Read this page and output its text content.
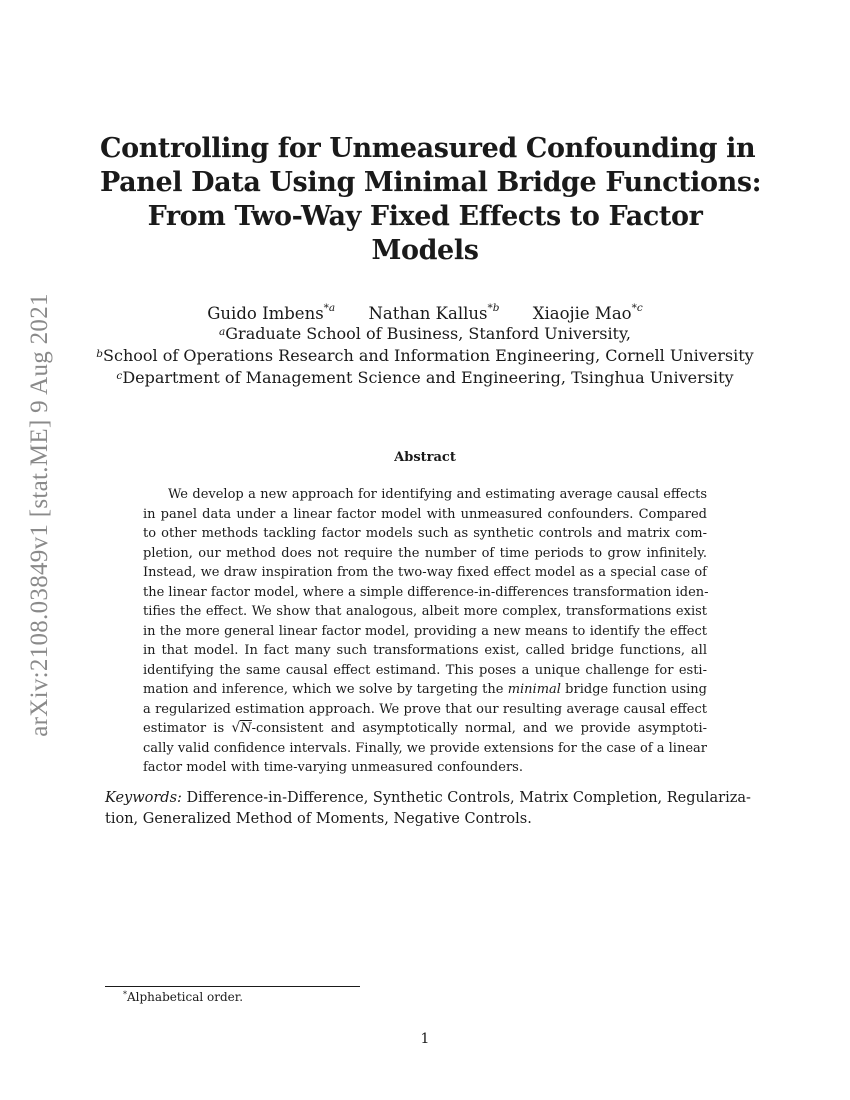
arXiv:2108.03849v1 [stat.ME] 9 Aug 2021
Controlling for Unmeasured Confounding in
Panel Data Using Minimal Bridge Functions:
From Two-Way Fixed Effects to Factor
Models
Guido Imbens$^{*a}$ Nathan Kallus$^{*b}$ Xiaojie Mao$^{*c}$
$^a$Graduate School of Business, Stanford University,
$^b$School of Operations Research and Information Engineering, Cornell University
$^c$Department of Management Science and Engineering, Tsinghua University
Abstract
We develop a new approach for identifying and estimating average causal effects
in panel data under a linear factor model with unmeasured confounders. Compared
to other methods tackling factor models such as synthetic controls and matrix com-
pletion, our method does not require the number of time periods to grow infinitely.
Instead, we draw inspiration from the two-way fixed effect model as a special case of
the linear factor model, where a simple difference-in-differences transformation iden-
tifies the effect. We show that analogous, albeit more complex, transformations exist
in the more general linear factor model, providing a new means to identify the effect
in that model. In fact many such transformations exist, called bridge functions, all
identifying the same causal effect estimand. This poses a unique challenge for esti-
mation and inference, which we solve by targeting the minimal bridge function using
a regularized estimation approach. We prove that our resulting average causal effect
estimator is √N-consistent and asymptotically normal, and we provide asymptoti-
cally valid confidence intervals. Finally, we provide extensions for the case of a linear
factor model with time-varying unmeasured confounders.
Keywords: Difference-in-Difference, Synthetic Controls, Matrix Completion, Regulariza-
tion, Generalized Method of Moments, Negative Controls.
*Alphabetical order.
1
